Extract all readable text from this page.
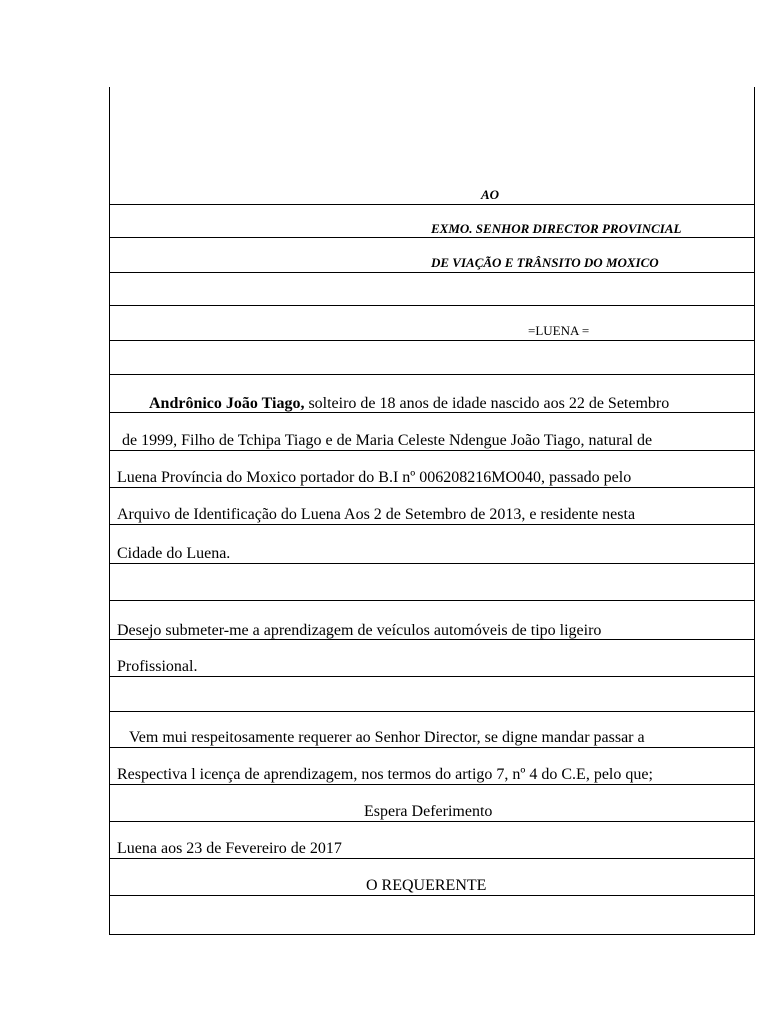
AO
EXMO. SENHOR DIRECTOR PROVINCIAL
DE VIAÇÃO E TRÂNSITO DO MOXICO
=LUENA =
Andrônico João Tiago, solteiro de 18 anos de idade nascido aos 22 de Setembro
de 1999, Filho de Tchipa Tiago e de Maria Celeste Ndengue João Tiago, natural de
Luena Província do Moxico portador do B.I nº 006208216MO040, passado pelo
Arquivo de Identificação do Luena Aos 2 de Setembro de 2013, e residente nesta
Cidade do Luena.
Desejo submeter-me a aprendizagem de veículos automóveis de tipo ligeiro
Profissional.
Vem mui respeitosamente requerer ao Senhor Director, se digne mandar passar a
Respectiva l icença de aprendizagem, nos termos do artigo 7, nº 4 do C.E, pelo que;
Espera Deferimento
Luena aos 23 de Fevereiro de 2017
O REQUERENTE
